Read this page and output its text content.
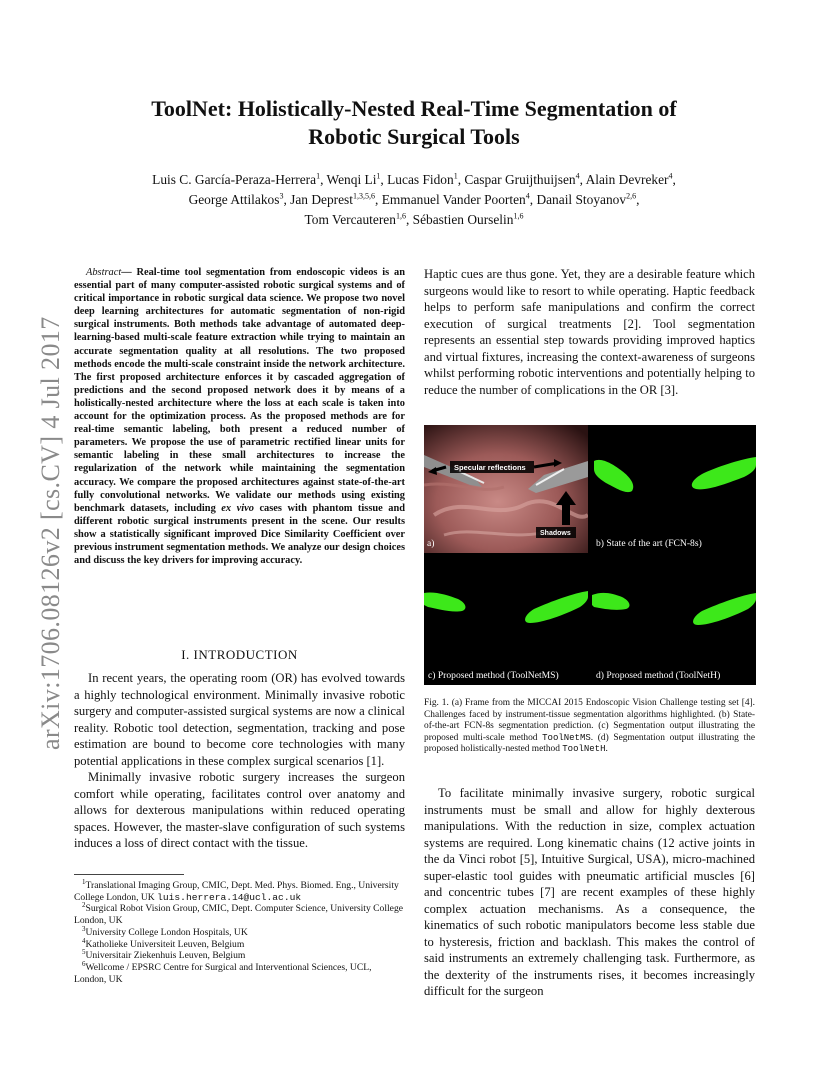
arXiv:1706.08126v2 [cs.CV] 4 Jul 2017
ToolNet: Holistically-Nested Real-Time Segmentation of
Robotic Surgical Tools
Luis C. García-Peraza-Herrera$^1$, Wenqi Li$^1$, Lucas Fidon$^1$, Caspar Gruijthuijsen$^4$, Alain Devreker$^4$,
George Attilakos$^3$, Jan Deprest$^{1,3,5,6}$, Emmanuel Vander Poorten$^4$, Danail Stoyanov$^{2,6}$,
Tom Vercauteren$^{1,6}$, Sébastien Ourselin$^{1,6}$
Abstract— Real-time tool segmentation from endoscopic videos is an essential part of many computer-assisted robotic surgical systems and of critical importance in robotic surgical data science. We propose two novel deep learning architectures for automatic segmentation of non-rigid surgical instruments. Both methods take advantage of automated deep-learning-based multi-scale feature extraction while trying to maintain an accurate segmentation quality at all resolutions. The two proposed methods encode the multi-scale constraint inside the network architecture. The first proposed architecture enforces it by cascaded aggregation of predictions and the second proposed network does it by means of a holistically-nested architecture where the loss at each scale is taken into account for the optimization process. As the proposed methods are for real-time semantic labeling, both present a reduced number of parameters. We propose the use of parametric rectified linear units for semantic labeling in these small architectures to increase the regularization of the network while maintaining the segmentation accuracy. We compare the proposed architectures against state-of-the-art fully convolutional networks. We validate our methods using existing benchmark datasets, including ex vivo cases with phantom tissue and different robotic surgical instruments present in the scene. Our results show a statistically significant improved Dice Similarity Coefficient over previous instrument segmentation methods. We analyze our design choices and discuss the key drivers for improving accuracy.
I. INTRODUCTION

In recent years, the operating room (OR) has evolved towards a highly technological environment. Minimally invasive robotic surgery and computer-assisted surgical systems are now a clinical reality. Robotic tool detection, segmentation, tracking and pose estimation are bound to become core technologies with many potential applications in these complex surgical scenarios [1].

Minimally invasive robotic surgery increases the surgeon comfort while operating, facilitates control over anatomy and allows for dexterous manipulations within reduced operating spaces. However, the master-slave configuration of such systems induces a loss of direct contact with the tissue.

$^1$Translational Imaging Group, CMIC, Dept. Med. Phys. Biomed. Eng., University College London, UK luis.herrera.14@ucl.ac.uk
$^2$Surgical Robot Vision Group, CMIC, Dept. Computer Science, University College London, UK
$^3$University College London Hospitals, UK
$^4$Katholieke Universiteit Leuven, Belgium
$^5$Universitair Ziekenhuis Leuven, Belgium
$^6$Wellcome / EPSRC Centre for Surgical and Interventional Sciences, UCL, London, UK

Haptic cues are thus gone. Yet, they are a desirable feature which surgeons would like to resort to while operating. Haptic feedback helps to perform safe manipulations and confirm the correct execution of surgical treatments [2]. Tool segmentation represents an essential step towards providing improved haptics and virtual fixtures, increasing the context-awareness of surgeons whilst performing robotic interventions and potentially helping to reduce the number of complications in the OR [3].

Specular reflections
Shadows
a)	b) State of the art (FCN-8s)
c) Proposed method (ToolNetMS)	d) Proposed method (ToolNetH)
Fig. 1. (a) Frame from the MICCAI 2015 Endoscopic Vision Challenge testing set [4]. Challenges faced by instrument-tissue segmentation algorithms highlighted. (b) State-of-the-art FCN-8s segmentation prediction. (c) Segmentation output illustrating the proposed multi-scale method ToolNetMS. (d) Segmentation output illustrating the proposed holistically-nested method ToolNetH.

To facilitate minimally invasive surgery, robotic surgical instruments must be small and allow for highly dexterous manipulations. With the reduction in size, complex actuation systems are required. Long kinematic chains (12 active joints in the da Vinci robot [5], Intuitive Surgical, USA), micro-machined super-elastic tool guides with pneumatic artificial muscles [6] and concentric tubes [7] are recent examples of these highly complex actuation mechanisms. As a consequence, the kinematics of such robotic manipulators become less stable due to hysteresis, friction and backlash. This makes the control of said instruments an extremely challenging task. Furthermore, as the dexterity of the instruments rises, it becomes increasingly difficult for the surgeon
